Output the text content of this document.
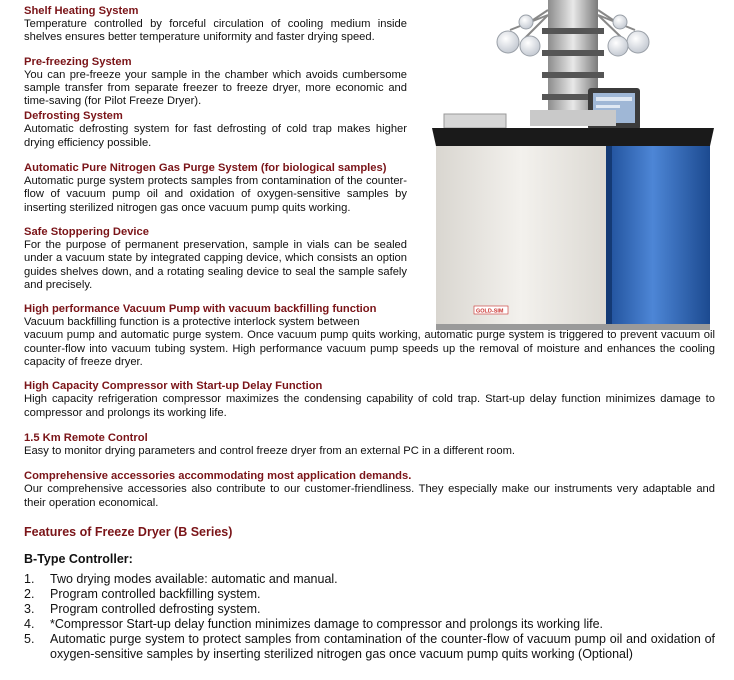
GOLD-SIM
Shelf Heating System

Temperature controlled by forceful circulation of cooling medium inside shelves ensures better temperature uniformity and faster drying speed.

Pre-freezing System

You can pre-freeze your sample in the chamber which avoids cumbersome sample transfer from separate freezer to freeze dryer, more economic and time-saving (for Pilot Freeze Dryer).

Defrosting System

Automatic defrosting system for fast defrosting of cold trap makes higher drying efficiency possible.

Automatic Pure Nitrogen Gas Purge System (for biological samples)

Automatic purge system protects samples from contamination of the counter-flow of vacuum pump oil and oxidation of oxygen-sensitive samples by inserting sterilized nitrogen gas once vacuum pump quits working.

Safe Stoppering Device

For the purpose of permanent preservation, sample in vials can be sealed under a vacuum state by integrated capping device, which consists an option guides shelves down, and a rotating sealing device to seal the sample safely and precisely.

High performance Vacuum Pump with vacuum backfilling function

Vacuum backfilling function is a protective interlock system between

vacuum pump and automatic purge system. Once vacuum pump quits working, automatic purge system is triggered to prevent vacuum oil counter-flow into vacuum tubing system. High performance vacuum pump speeds up the removal of moisture and enhances the cooling capacity of freeze dryer.

High Capacity Compressor with Start-up Delay Function

High capacity refrigeration compressor maximizes the condensing capability of cold trap. Start-up delay function minimizes damage to compressor and prolongs its working life.

1.5 Km Remote Control

Easy to monitor drying parameters and control freeze dryer from an external PC in a different room.

Comprehensive accessories accommodating most application demands.

Our comprehensive accessories also contribute to our customer-friendliness. They especially make our instruments very adaptable and their operation economical.

Features of Freeze Dryer (B Series)
B-Type Controller:
1. Two drying modes available: automatic and manual.
2. Program controlled backfilling system.
3. Program controlled defrosting system.
4. *Compressor Start-up delay function minimizes damage to compressor and prolongs its working life.
5. Automatic purge system to protect samples from contamination of the counter-flow of vacuum pump oil and oxidation of oxygen-sensitive samples by inserting sterilized nitrogen gas once vacuum pump quits working (Optional)
